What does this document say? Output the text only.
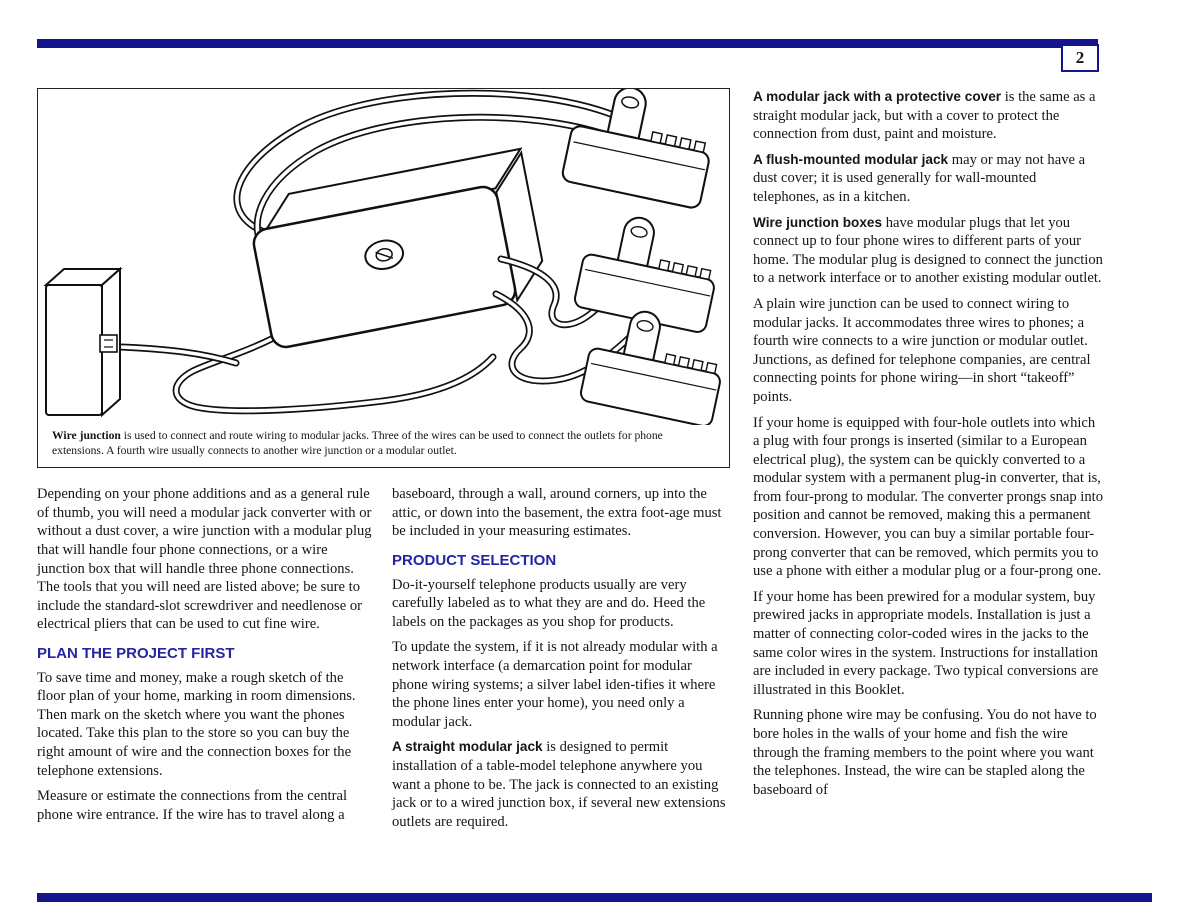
2
Wire junction is used to connect and route wiring to modular jacks. Three of the wires can be used to connect the outlets for phone extensions. A fourth wire usually connects to another wire junction or a modular outlet.

Depending on your phone additions and as a general rule of thumb, you will need a modular jack converter with or without a dust cover, a wire junction with a modular plug that will handle four phone connections, or a wire junction box that will handle three phone connections. The tools that you will need are listed above; be sure to include the standard-slot screwdriver and needlenose or electrical pliers that can be used to cut fine wire.

PLAN THE PROJECT FIRST

To save time and money, make a rough sketch of the floor plan of your home, marking in room dimensions. Then mark on the sketch where you want the phones located. Take this plan to the store so you can buy the right amount of wire and the connection boxes for the telephone extensions.

Measure or estimate the connections from the central phone wire entrance. If the wire has to travel along a

baseboard, through a wall, around corners, up into the attic, or down into the basement, the extra foot-age must be included in your measuring estimates.

PRODUCT SELECTION

Do-it-yourself telephone products usually are very carefully labeled as to what they are and do. Heed the labels on the packages as you shop for products.

To update the system, if it is not already modular with a network interface (a demarcation point for modular phone wiring systems; a silver label iden-tifies it where the phone lines enter your home), you need only a modular jack.

A straight modular jack is designed to permit installation of a table-model telephone anywhere you want a phone to be. The jack is connected to an existing jack or to a wired junction box, if several new extensions outlets are required.

A modular jack with a protective cover is the same as a straight modular jack, but with a cover to protect the connection from dust, paint and moisture.

A flush-mounted modular jack may or may not have a dust cover; it is used generally for wall-mounted telephones, as in a kitchen.

Wire junction boxes have modular plugs that let you connect up to four phone wires to different parts of your home. The modular plug is designed to connect the junction to a network interface or to another existing modular outlet.

A plain wire junction can be used to connect wiring to modular jacks. It accommodates three wires to phones; a fourth wire connects to a wire junction or modular outlet. Junctions, as defined for telephone companies, are central connecting points for phone wiring—in short “takeoff” points.

If your home is equipped with four-hole outlets into which a plug with four prongs is inserted (similar to a European electrical plug), the system can be quickly converted to a modular system with a permanent plug-in converter, that is, from four-prong to modular. The converter prongs snap into position and cannot be removed, making this a permanent conversion. However, you can buy a similar portable four-prong converter that can be removed, which permits you to use a phone with either a modular plug or a four-prong one.

If your home has been prewired for a modular system, buy prewired jacks in appropriate models. Installation is just a matter of connecting color-coded wires in the jacks to the same color wires in the system. Instructions for installation are included in every package. Two typical conversions are illustrated in this Booklet.

Running phone wire may be confusing. You do not have to bore holes in the walls of your home and fish the wire through the framing members to the point where you want the telephones. Instead, the wire can be stapled along the baseboard of
